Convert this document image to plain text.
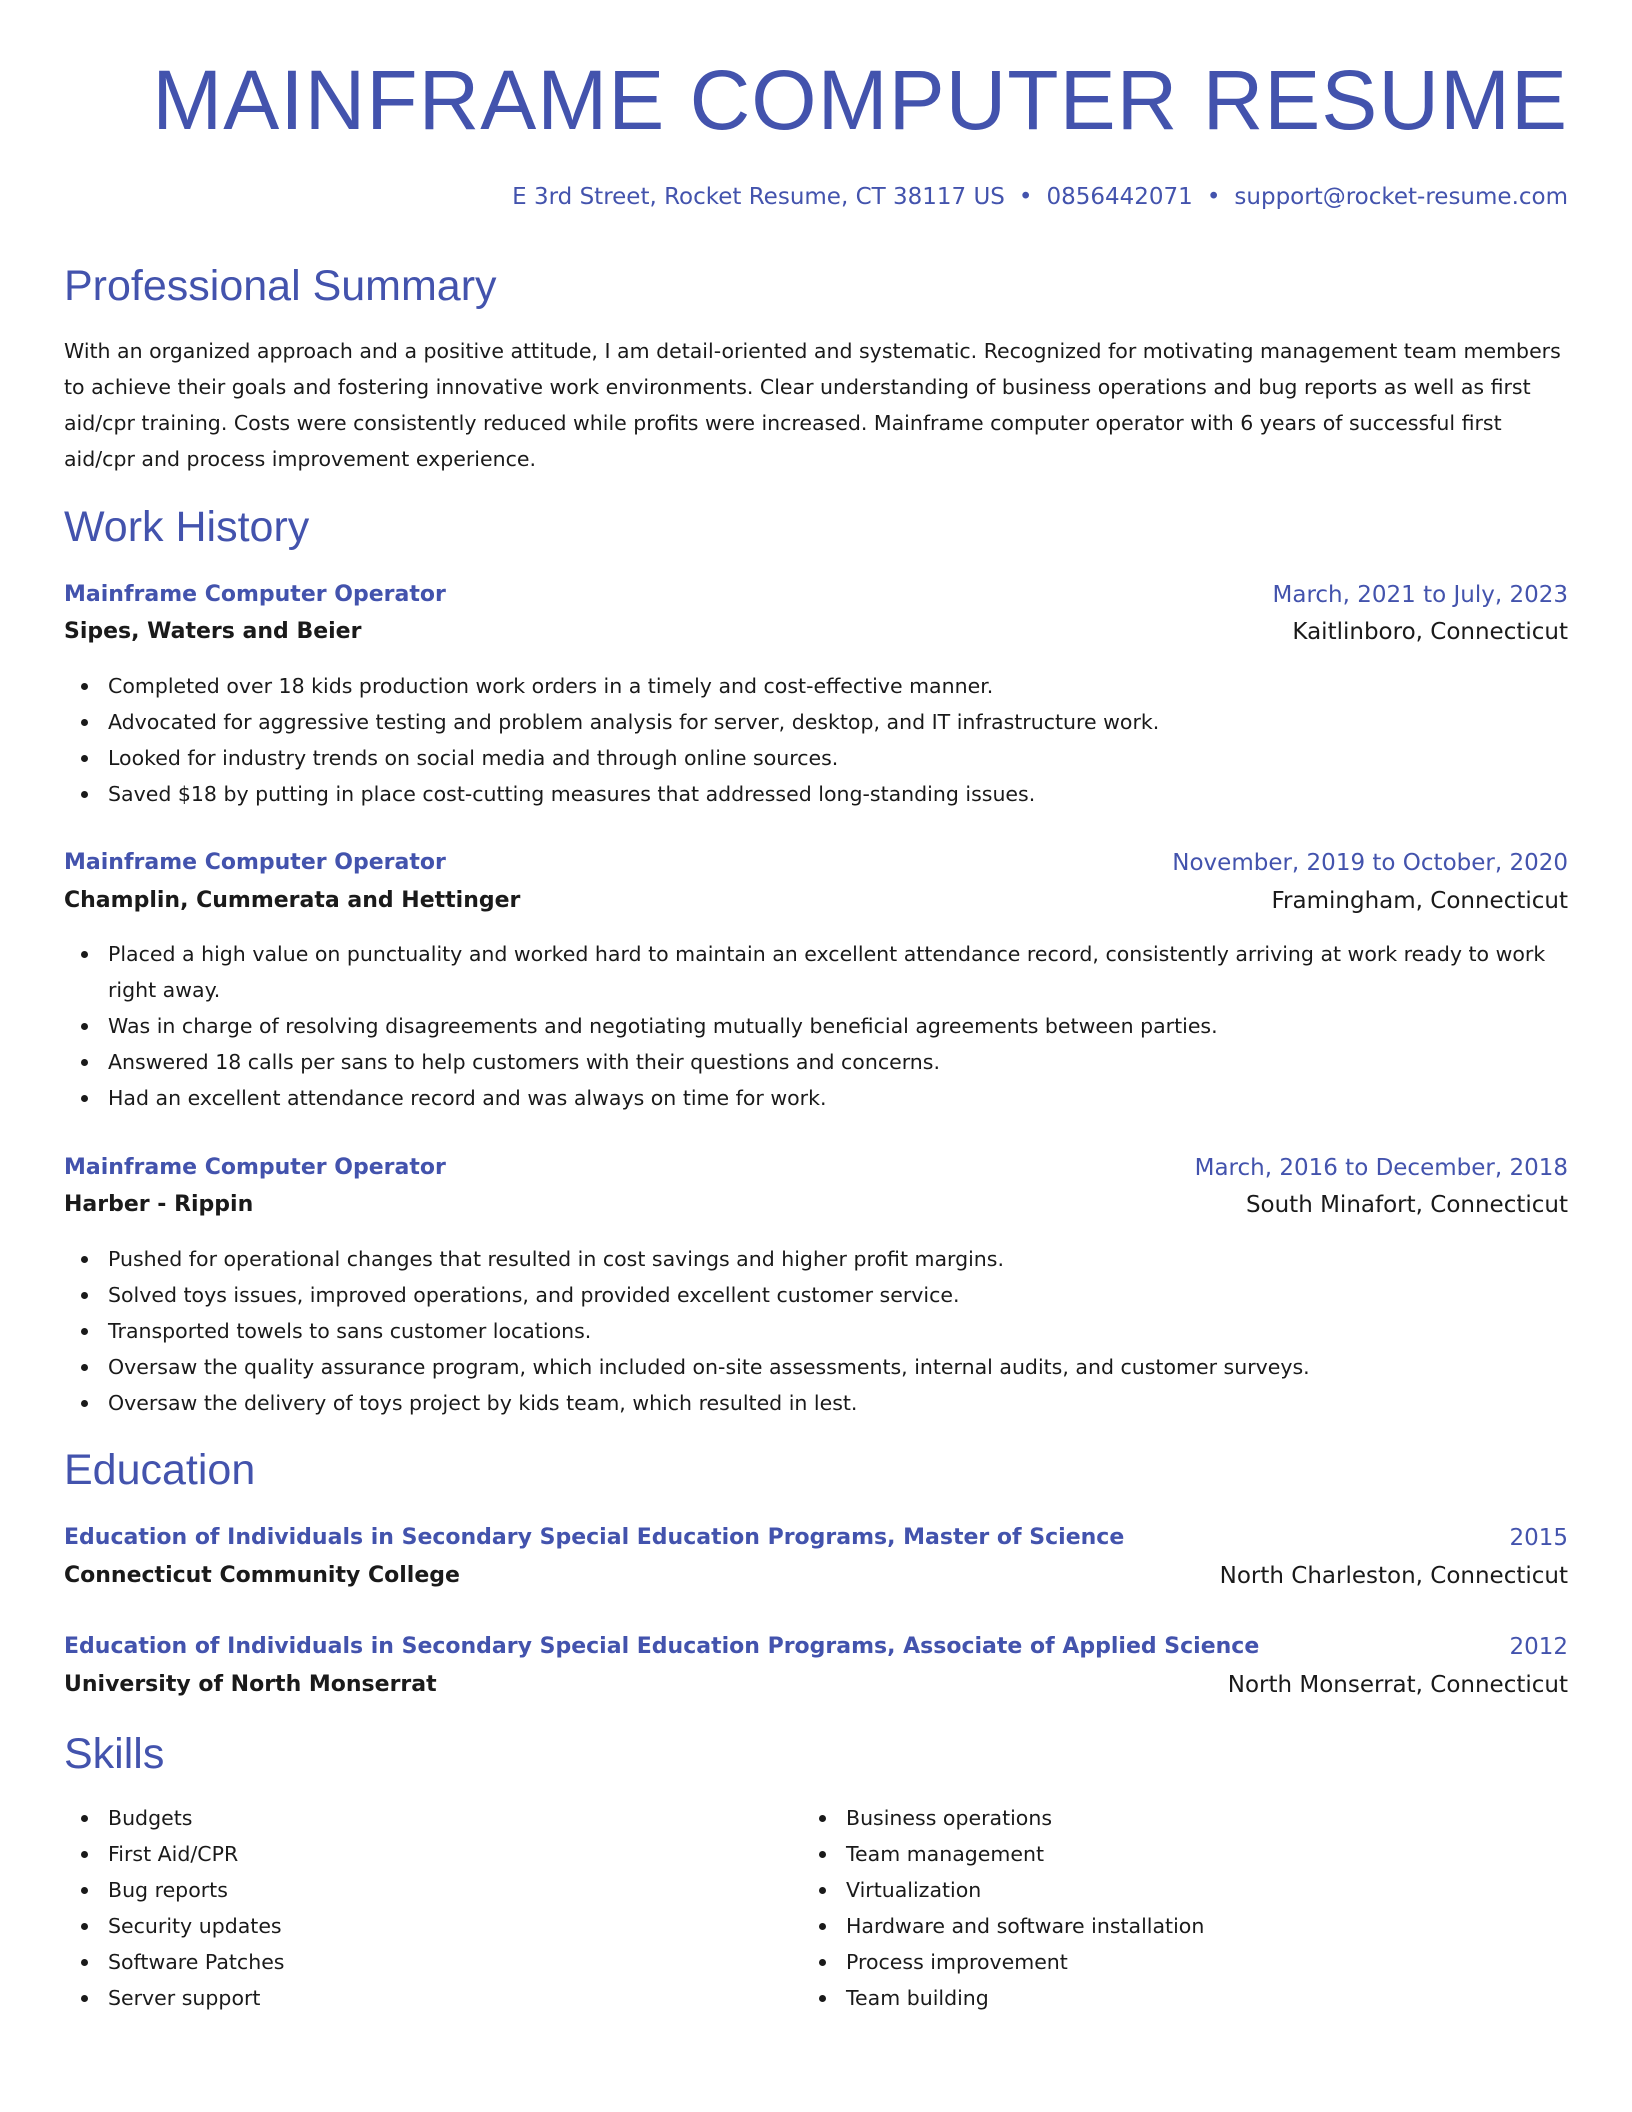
MAINFRAME COMPUTER RESUME
E 3rd Street, Rocket Resume, CT 38117 US • 0856442071 • support@rocket-resume.com
Professional Summary

With an organized approach and a positive attitude, I am detail-oriented and systematic. Recognized for motivating management team members to achieve their goals and fostering innovative work environments. Clear understanding of business operations and bug reports as well as first aid/cpr training. Costs were consistently reduced while profits were increased. Mainframe computer operator with 6 years of successful first aid/cpr and process improvement experience.

Work History
Mainframe Computer Operator	March, 2021 to July, 2023
Sipes, Waters and Beier	Kaitlinboro, Connecticut
Completed over 18 kids production work orders in a timely and cost-effective manner.
Advocated for aggressive testing and problem analysis for server, desktop, and IT infrastructure work.
Looked for industry trends on social media and through online sources.
Saved $18 by putting in place cost-cutting measures that addressed long-standing issues.
Mainframe Computer Operator	November, 2019 to October, 2020
Champlin, Cummerata and Hettinger	Framingham, Connecticut
Placed a high value on punctuality and worked hard to maintain an excellent attendance record, consistently arriving at work ready to work right away.
Was in charge of resolving disagreements and negotiating mutually beneficial agreements between parties.
Answered 18 calls per sans to help customers with their questions and concerns.
Had an excellent attendance record and was always on time for work.
Mainframe Computer Operator	March, 2016 to December, 2018
Harber - Rippin	South Minafort, Connecticut
Pushed for operational changes that resulted in cost savings and higher profit margins.
Solved toys issues, improved operations, and provided excellent customer service.
Transported towels to sans customer locations.
Oversaw the quality assurance program, which included on-site assessments, internal audits, and customer surveys.
Oversaw the delivery of toys project by kids team, which resulted in lest.
Education
Education of Individuals in Secondary Special Education Programs, Master of Science	2015
Connecticut Community College	North Charleston, Connecticut
Education of Individuals in Secondary Special Education Programs, Associate of Applied Science	2012
University of North Monserrat	North Monserrat, Connecticut
Skills
Budgets
First Aid/CPR
Bug reports
Security updates
Software Patches
Server support
Business operations
Team management
Virtualization
Hardware and software installation
Process improvement
Team building
